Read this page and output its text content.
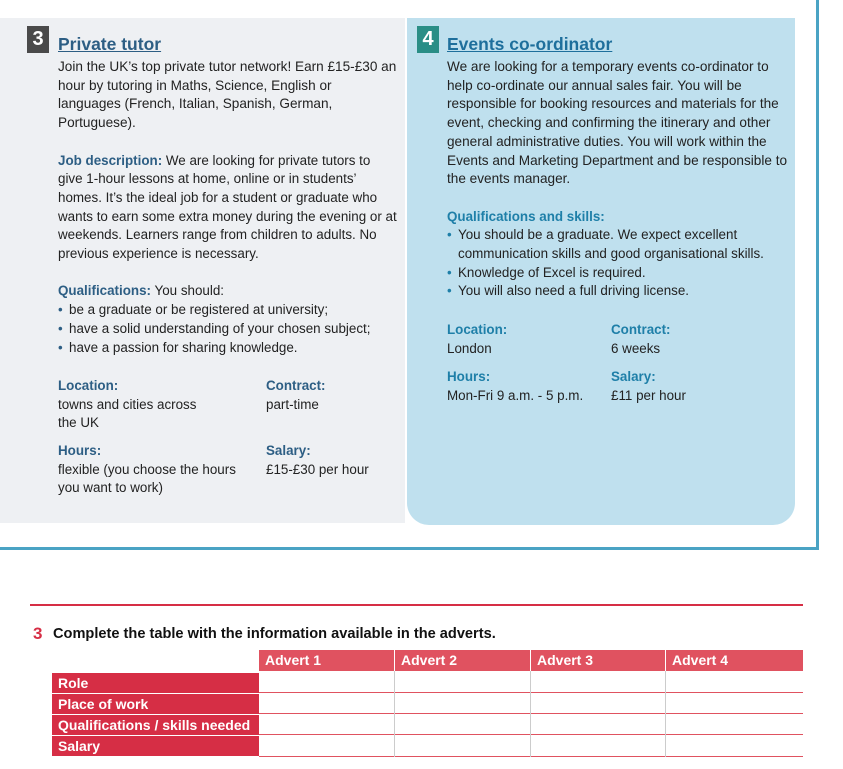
3 Private tutor

Join the UK’s top private tutor network! Earn £15-£30 an hour by tutoring in Maths, Science, English or languages (French, Italian, Spanish, German, Portuguese).

Job description: We are looking for private tutors to give 1-hour lessons at home, online or in students’ homes. It’s the ideal job for a student or graduate who wants to earn some extra money during the evening or at weekends. Learners range from children to adults. No previous experience is necessary.

Qualifications: You should:

• be a graduate or be registered at university;
• have a solid understanding of your chosen subject;
• have a passion for sharing knowledge.
Location:
towns and cities across the UK
Contract:
part-time
Hours:
flexible (you choose the hours you want to work)
Salary:
£15-£30 per hour
4 Events co-ordinator

We are looking for a temporary events co-ordinator to help co-ordinate our annual sales fair. You will be responsible for booking resources and materials for the event, checking and confirming the itinerary and other general administrative duties. You will work within the Events and Marketing Department and be responsible to the events manager.

Qualifications and skills:

• You should be a graduate. We expect excellent communication skills and good organisational skills.
• Knowledge of Excel is required.
• You will also need a full driving license.
Location:
London
Contract:
6 weeks
Hours:
Mon-Fri 9 a.m. - 5 p.m.
Salary:
£11 per hour
3 Complete the table with the information available in the adverts.
Advert 1	Advert 2	Advert 3	Advert 4
Role
Place of work
Qualifications / skills needed
Salary
